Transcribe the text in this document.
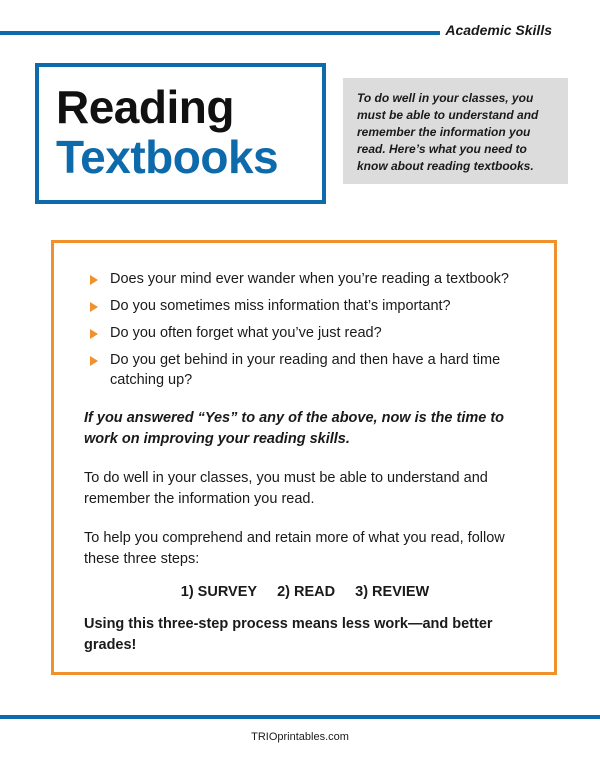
Academic Skills
Reading
Textbooks
To do well in your classes, you must be able to understand and remember the information you read. Here’s what you need to know about reading textbooks.
Does your mind ever wander when you’re reading a textbook?
Do you sometimes miss information that’s important?
Do you often forget what you’ve just read?
Do you get behind in your reading and then have a hard time catching up?

If you answered “Yes” to any of the above, now is the time to work on improving your reading skills.

To do well in your classes, you must be able to understand and remember the information you read.

To help you comprehend and retain more of what you read, follow these three steps:

1) SURVEY 2) READ 3) REVIEW

Using this three-step process means less work—and better grades!

TRIOprintables.com
